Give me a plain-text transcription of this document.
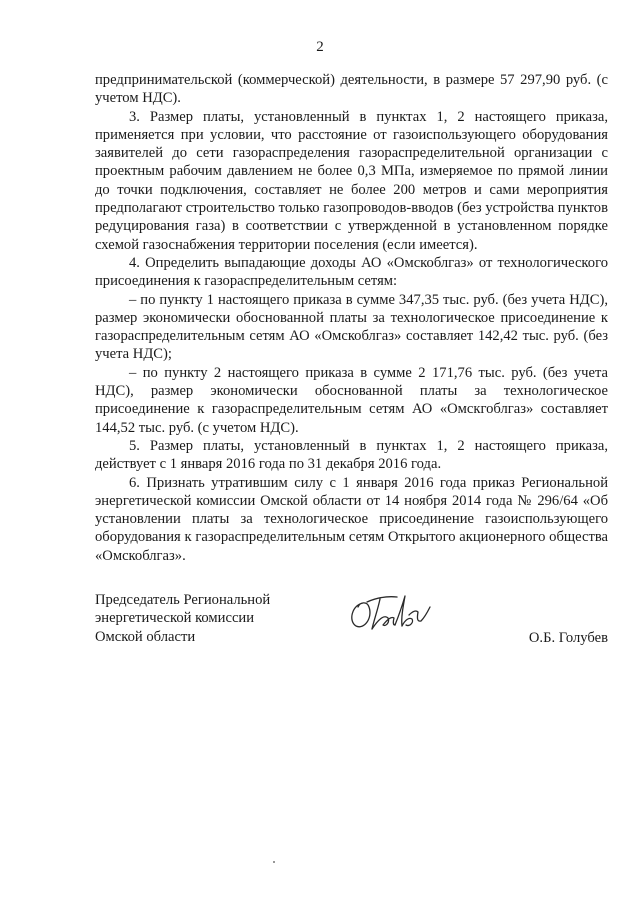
2

предпринимательской (коммерческой) деятельности, в размере 57 297,90 руб. (с учетом НДС).

3. Размер платы, установленный в пунктах 1, 2 настоящего приказа, применяется при условии, что расстояние от газоиспользующего оборудования заявителей до сети газораспределения газораспределительной организации с проектным рабочим давлением не более 0,3 МПа, измеряемое по прямой линии до точки подключения, составляет не более 200 метров и сами мероприятия предполагают строительство только газопроводов-вводов (без устройства пунктов редуцирования газа) в соответствии с утвержденной в установленном порядке схемой газоснабжения территории поселения (если имеется).

4. Определить выпадающие доходы АО «Омскоблгаз» от технологического присоединения к газораспределительным сетям:

– по пункту 1 настоящего приказа в сумме 347,35 тыс. руб. (без учета НДС), размер экономически обоснованной платы за технологическое присоединение к газораспределительным сетям АО «Омскоблгаз» составляет 142,42 тыс. руб. (без учета НДС);

– по пункту 2 настоящего приказа в сумме 2 171,76 тыс. руб. (без учета НДС), размер экономически обоснованной платы за технологическое присоединение к газораспределительным сетям АО «Омскгоблгаз» составляет 144,52 тыс. руб. (с учетом НДС).

5. Размер платы, установленный в пунктах 1, 2 настоящего приказа, действует с 1 января 2016 года по 31 декабря 2016 года.

6. Признать утратившим силу с 1 января 2016 года приказ Региональной энергетической комиссии Омской области от 14 ноября 2014 года № 296/64 «Об установлении платы за технологическое присоединение газоиспользующего оборудования к газораспределительным сетям Открытого акционерного общества «Омскоблгаз».

Председатель Региональной
энергетической комиссии
Омской области	О.Б. Голубев
